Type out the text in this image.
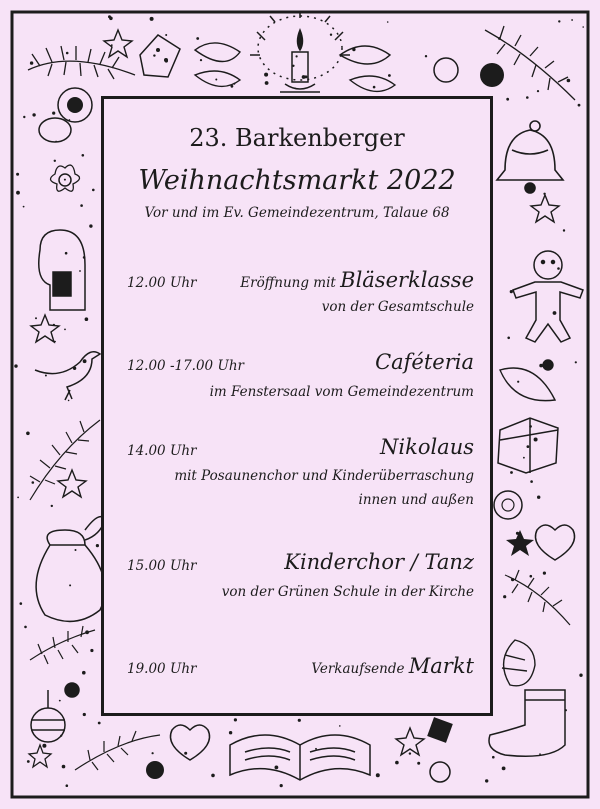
23. Barkenberger
Weihnachtsmarkt 2022
Vor und im Ev. Gemeindezentrum, Talaue 68
12.00 Uhr	Eröffnung mit Bläserklasse
von der Gesamtschule
12.00 -17.00 Uhr	Caféteria
im Fenstersaal vom Gemeindezentrum
14.00 Uhr	Nikolaus
mit Posaunenchor und Kinderüberraschung
innen und außen
15.00 Uhr	Kinderchor / Tanz
von der Grünen Schule in der Kirche
19.00 Uhr	Verkaufsende Markt
